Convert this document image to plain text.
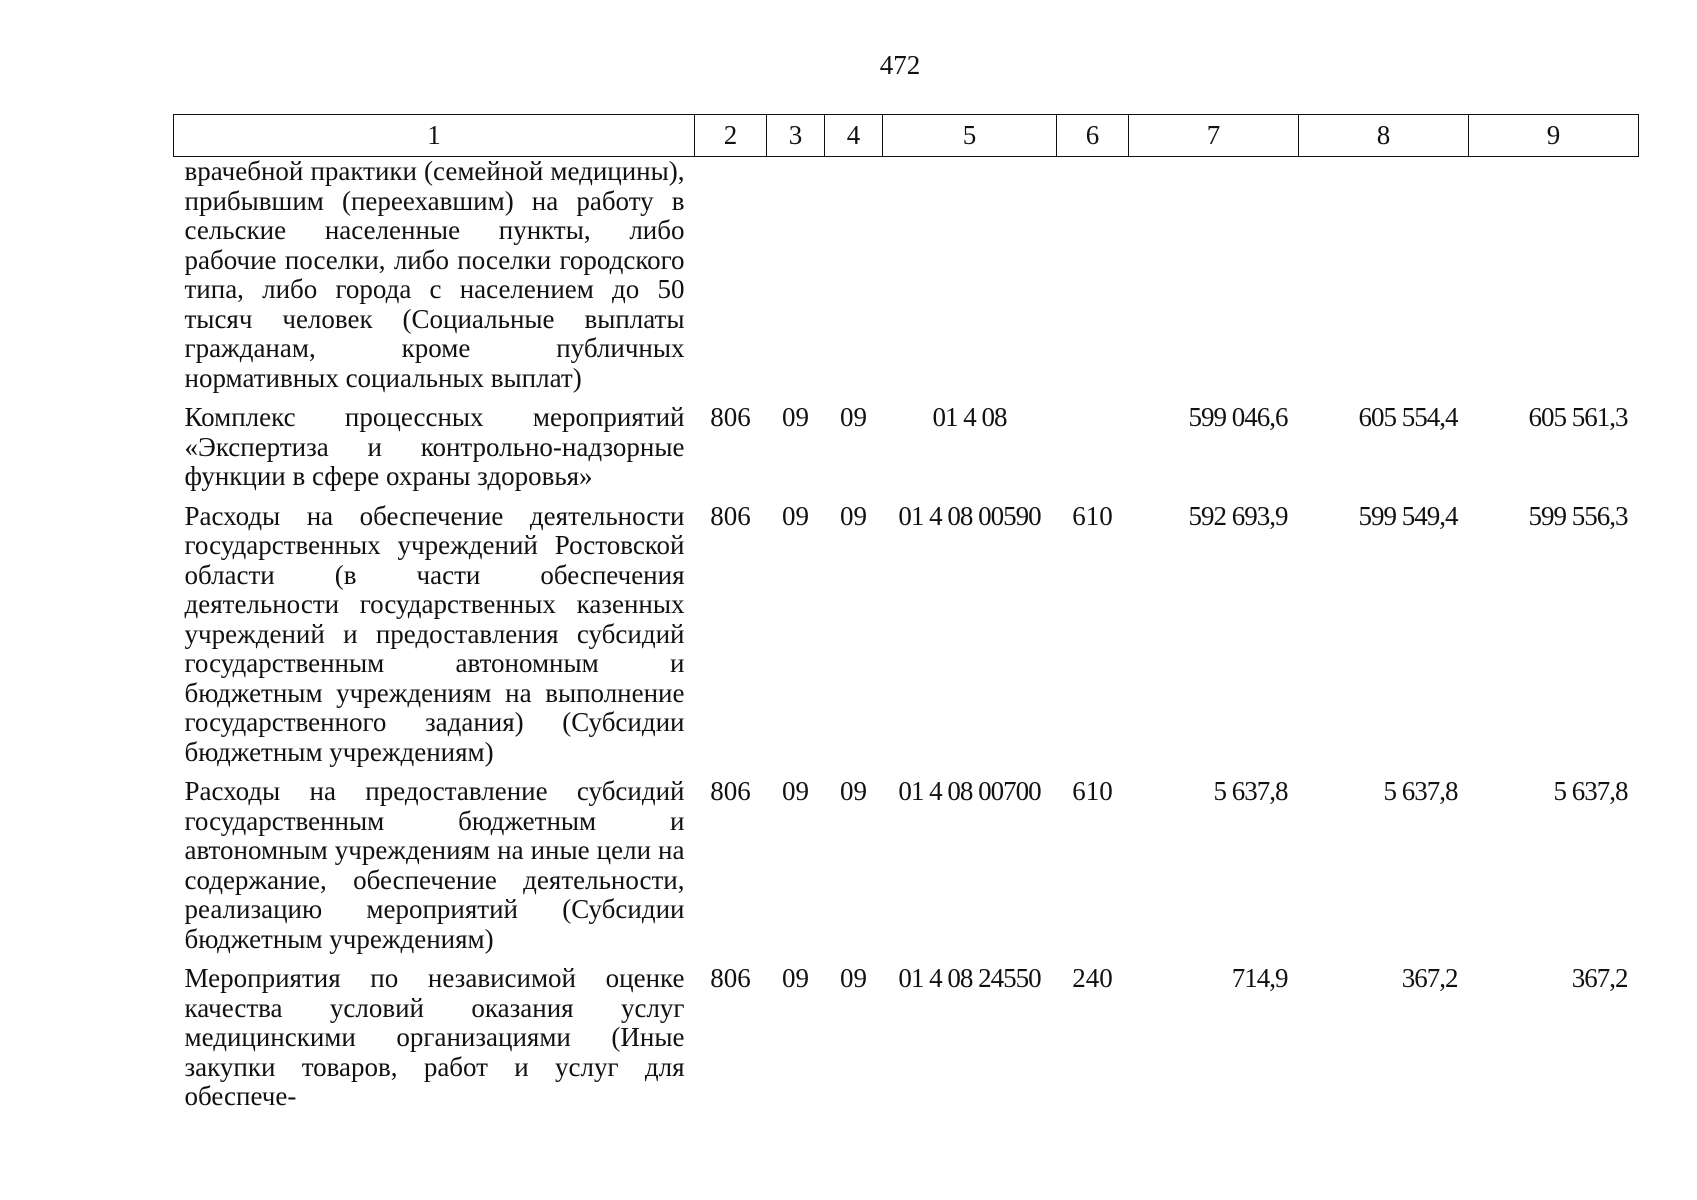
472
1	2	3	4	5	6	7	8	9
врачебной практики (семейной медицины), прибывшим (переехавшим) на работу в сельские населенные пункты, либо рабочие поселки, либо поселки городского типа, либо города с населением до 50 тысяч человек (Социальные выплаты гражданам, кроме публичных нормативных социальных выплат)								
Комплекс процессных мероприятий «Экспертиза и контрольно-надзорные функции в сфере охраны здоровья»	806	09	09	01 4 08		599 046,6	605 554,4	605 561,3
Расходы на обеспечение деятельности государственных учреждений Ростовской области (в части обеспечения деятельности государственных казенных учреждений и предоставления субсидий государственным автономным и бюджетным учреждениям на выполнение государственного задания) (Субсидии бюджетным учреждениям)	806	09	09	01 4 08 00590	610	592 693,9	599 549,4	599 556,3
Расходы на предоставление субсидий государственным бюджетным и автономным учреждениям на иные цели на содержание, обеспечение деятельности, реализацию мероприятий (Субсидии бюджетным учреждениям)	806	09	09	01 4 08 00700	610	5 637,8	5 637,8	5 637,8
Мероприятия по независимой оценке качества условий оказания услуг медицинскими организациями (Иные закупки товаров, работ и услуг для обеспече-	806	09	09	01 4 08 24550	240	714,9	367,2	367,2
